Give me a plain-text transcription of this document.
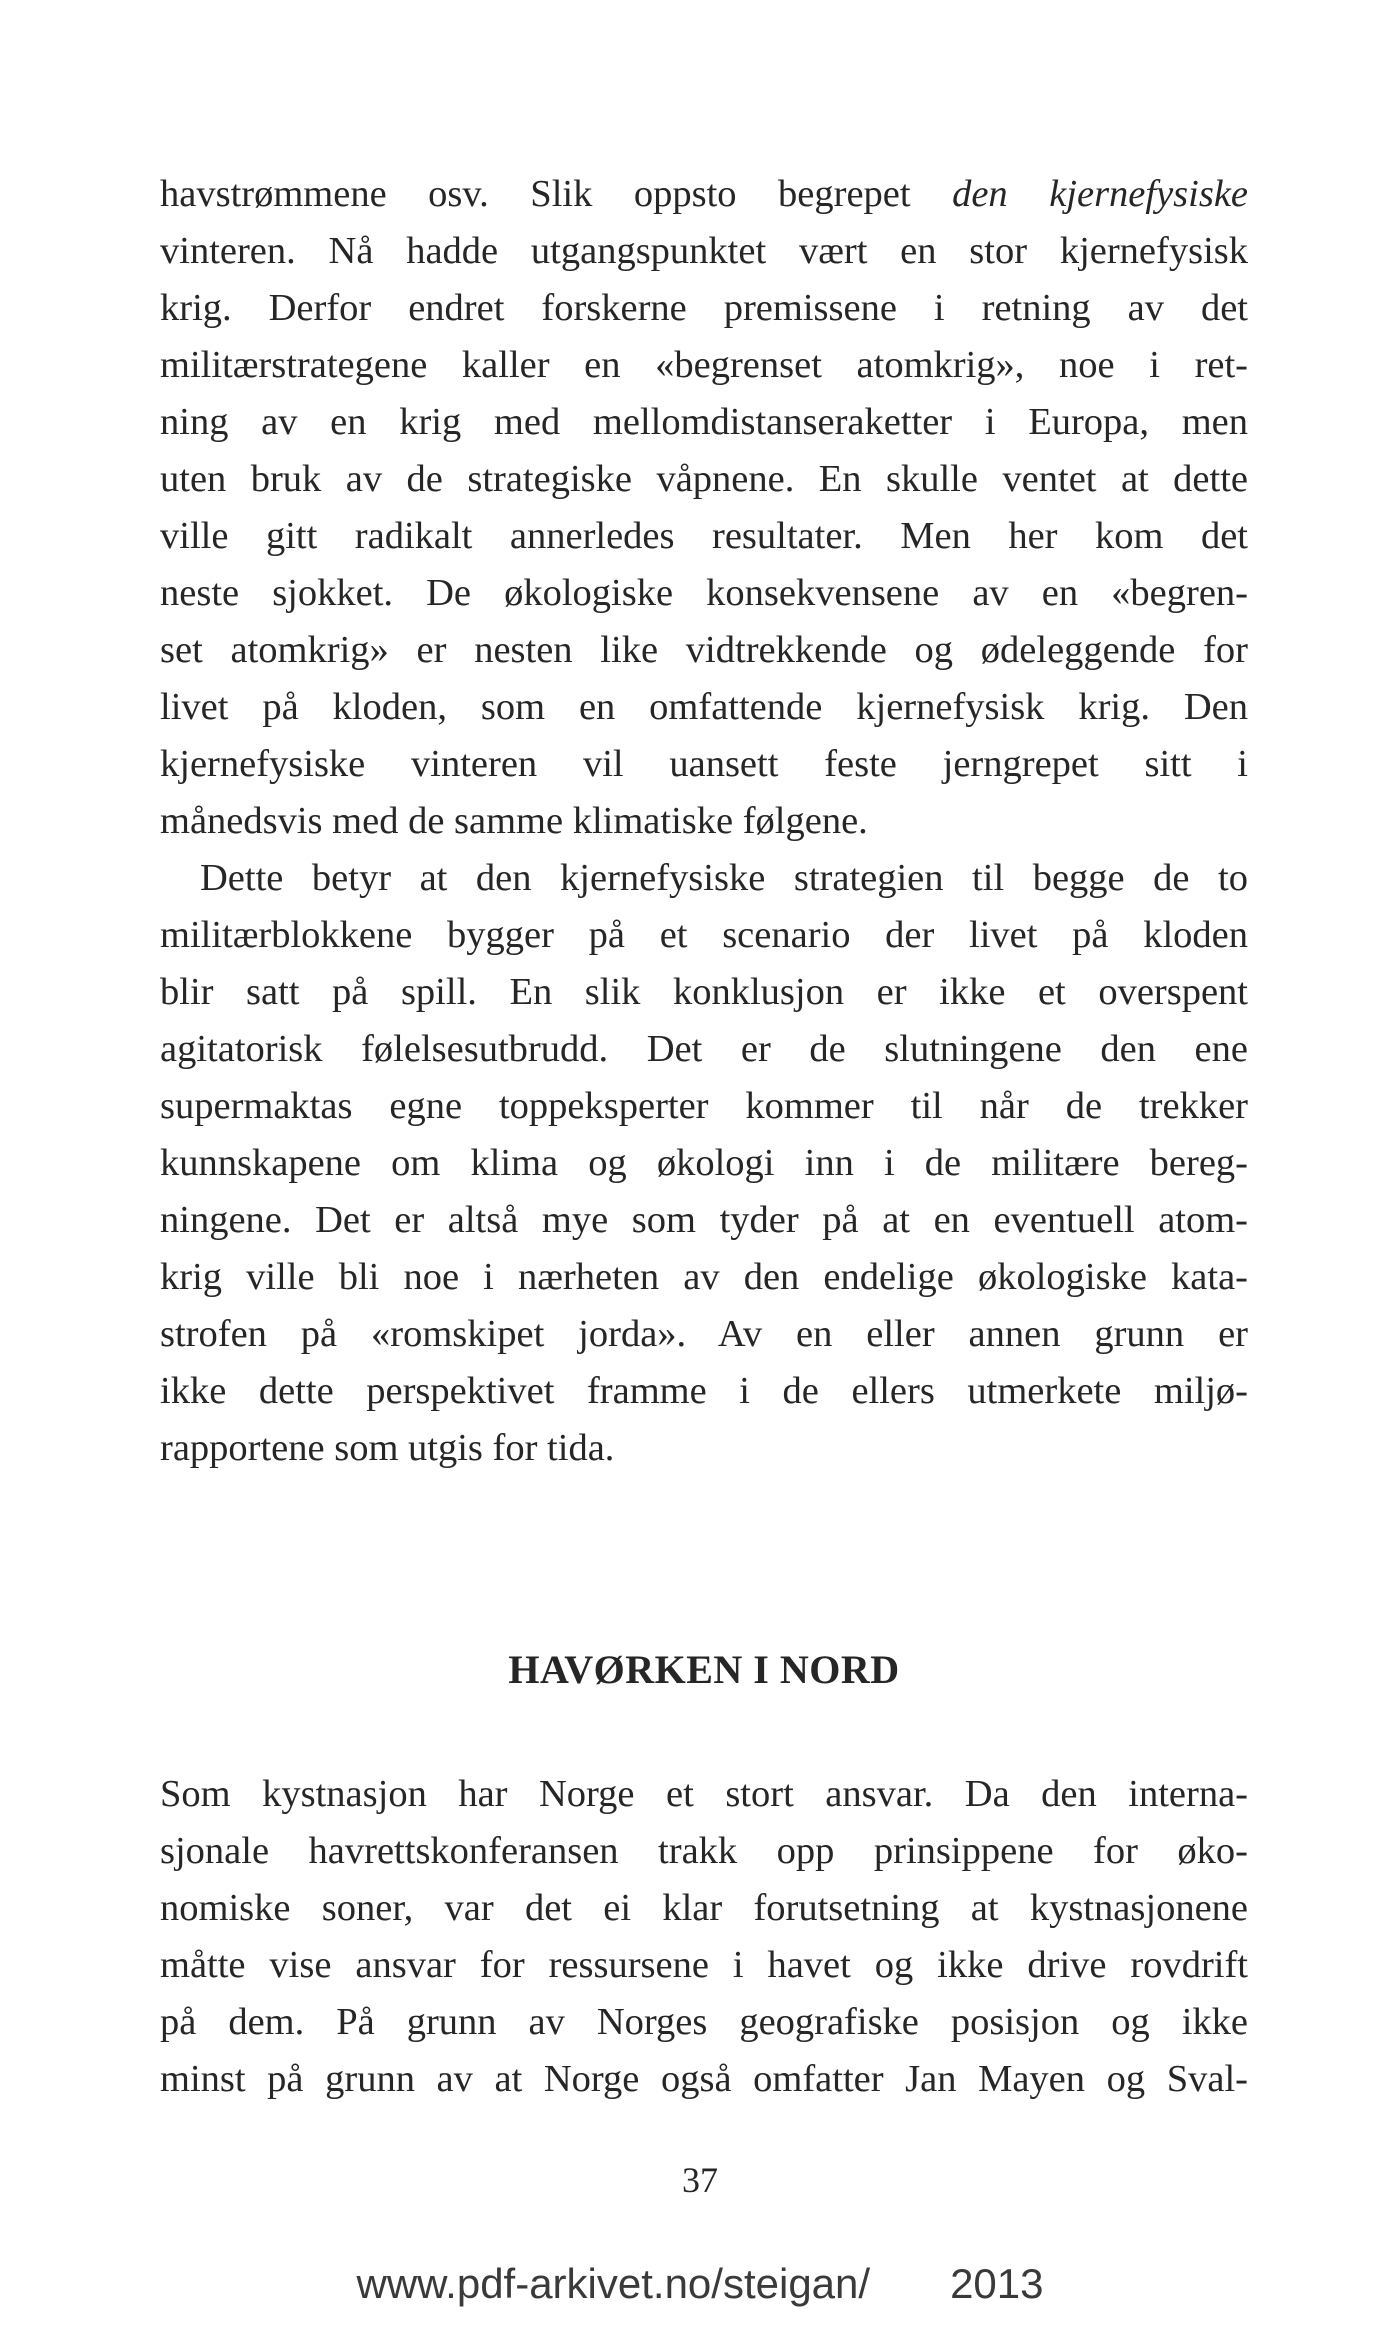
havstrømmene osv. Slik oppsto begrepet den kjernefysiske
vinteren. Nå hadde utgangspunktet vært en stor kjernefysisk
krig. Derfor endret forskerne premissene i retning av det
militærstrategene kaller en «begrenset atomkrig», noe i ret-
ning av en krig med mellomdistanseraketter i Europa, men
uten bruk av de strategiske våpnene. En skulle ventet at dette
ville gitt radikalt annerledes resultater. Men her kom det
neste sjokket. De økologiske konsekvensene av en «begren-
set atomkrig» er nesten like vidtrekkende og ødeleggende for
livet på kloden, som en omfattende kjernefysisk krig. Den
kjernefysiske vinteren vil uansett feste jerngrepet sitt i
månedsvis med de samme klimatiske følgene.
Dette betyr at den kjernefysiske strategien til begge de to
militærblokkene bygger på et scenario der livet på kloden
blir satt på spill. En slik konklusjon er ikke et overspent
agitatorisk følelsesutbrudd. Det er de slutningene den ene
supermaktas egne toppeksperter kommer til når de trekker
kunnskapene om klima og økologi inn i de militære bereg-
ningene. Det er altså mye som tyder på at en eventuell atom-
krig ville bli noe i nærheten av den endelige økologiske kata-
strofen på «romskipet jorda». Av en eller annen grunn er
ikke dette perspektivet framme i de ellers utmerkete miljø-
rapportene som utgis for tida.
HAVØRKEN I NORD
Som kystnasjon har Norge et stort ansvar. Da den interna-
sjonale havrettskonferansen trakk opp prinsippene for øko-
nomiske soner, var det ei klar forutsetning at kystnasjonene
måtte vise ansvar for ressursene i havet og ikke drive rovdrift
på dem. På grunn av Norges geografiske posisjon og ikke
minst på grunn av at Norge også omfatter Jan Mayen og Sval-
37
www.pdf-arkivet.no/steigan/ 2013
